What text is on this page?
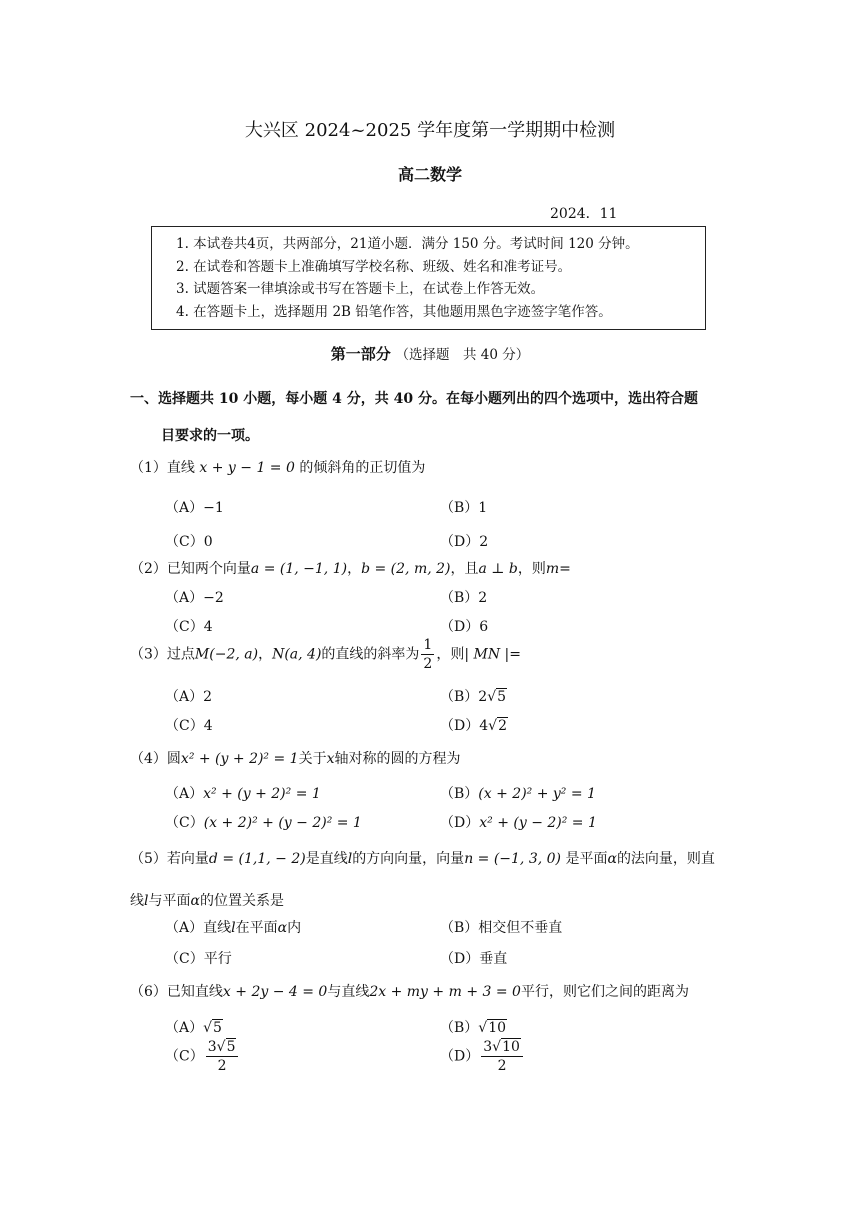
大兴区 2024~2025 学年度第一学期期中检测
高二数学
2024．11
1. 本试卷共4页，共两部分，21道小题．满分 150 分。考试时间 120 分钟。
2. 在试卷和答题卡上准确填写学校名称、班级、姓名和准考证号。
3. 试题答案一律填涂或书写在答题卡上，在试卷上作答无效。
4. 在答题卡上，选择题用 2B 铅笔作答，其他题用黑色字迹签字笔作答。
第一部分 （选择题　共 40 分）
一、选择题共 10 小题，每小题 4 分，共 40 分。在每小题列出的四个选项中，选出符合题
目要求的一项。
（1）直线 x + y − 1 = 0 的倾斜角的正切值为
（A）−1	（B）1
（C）0	（D）2
（2）已知两个向量a = (1, −1, 1)，b = (2, m, 2)，且a ⊥ b，则m=
（A）−2	（B）2
（C）4	（D）6
（3）过点M(−2, a)，N(a, 4)的直线的斜率为 $\frac{1}{2}$ ，则| MN |=
（A）2	（B）2√5
（C）4	（D）4√2
（4）圆x² + (y + 2)² = 1关于x轴对称的圆的方程为
（A）x² + (y + 2)² = 1	（B）(x + 2)² + y² = 1
（C）(x + 2)² + (y − 2)² = 1	（D）x² + (y − 2)² = 1
（5）若向量d = (1,1, − 2)是直线l的方向向量，向量n = (−1, 3, 0) 是平面α的法向量，则直
线l与平面α的位置关系是
（A）直线l在平面α内	（B）相交但不垂直
（C）平行	（D）垂直
（6）已知直线x + 2y − 4 = 0与直线2x + my + m + 3 = 0平行，则它们之间的距离为
（A）√5	（B）√10
$(C) \frac{3√5}{2}$	$(D) \frac{3√10}{2}$
